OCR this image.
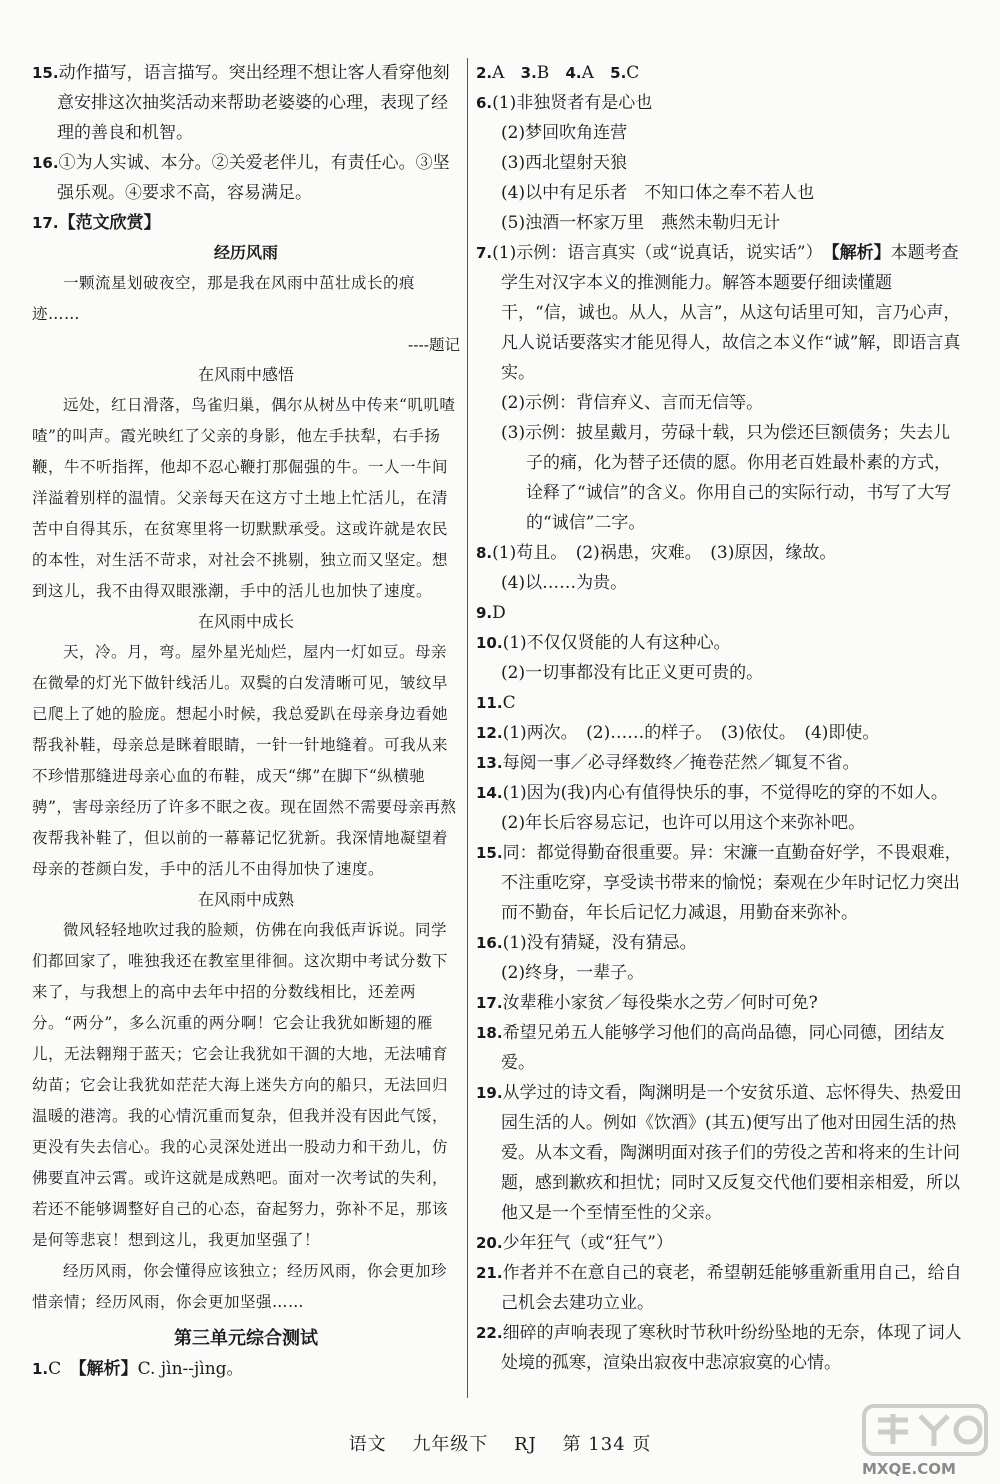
15.动作描写，语言描写。突出经理不想让客人看穿他刻意安排这次抽奖活动来帮助老婆婆的心理，表现了经理的善良和机智。

16.①为人实诚、本分。②关爱老伴儿，有责任心。③坚强乐观。④要求不高，容易满足。

17.【范文欣赏】

经历风雨

一颗流星划破夜空，那是我在风雨中茁壮成长的痕迹……

----题记

在风雨中感悟

远处，红日滑落，鸟雀归巢，偶尔从树丛中传来“叽叽喳喳”的叫声。霞光映红了父亲的身影，他左手扶犁，右手扬鞭，牛不听指挥，他却不忍心鞭打那倔强的牛。一人一牛间洋溢着别样的温情。父亲每天在这方寸土地上忙活儿，在清苦中自得其乐，在贫寒里将一切默默承受。这或许就是农民的本性，对生活不苛求，对社会不挑剔，独立而又坚定。想到这儿，我不由得双眼涨潮，手中的活儿也加快了速度。

在风雨中成长

天，冷。月，弯。屋外星光灿烂，屋内一灯如豆。母亲在微晕的灯光下做针线活儿。双鬓的白发清晰可见，皱纹早已爬上了她的脸庞。想起小时候，我总爱趴在母亲身边看她帮我补鞋，母亲总是眯着眼睛，一针一针地缝着。可我从来不珍惜那缝进母亲心血的布鞋，成天“绑”在脚下“纵横驰骋”，害母亲经历了许多不眠之夜。现在固然不需要母亲再熬夜帮我补鞋了，但以前的一幕幕记忆犹新。我深情地凝望着母亲的苍颜白发，手中的活儿不由得加快了速度。

在风雨中成熟

微风轻轻地吹过我的脸颊，仿佛在向我低声诉说。同学们都回家了，唯独我还在教室里徘徊。这次期中考试分数下来了，与我想上的高中去年中招的分数线相比，还差两分。“两分”，多么沉重的两分啊！它会让我犹如断翅的雁儿，无法翱翔于蓝天；它会让我犹如干涸的大地，无法哺育幼苗；它会让我犹如茫茫大海上迷失方向的船只，无法回归温暖的港湾。我的心情沉重而复杂，但我并没有因此气馁，更没有失去信心。我的心灵深处迸出一股动力和干劲儿，仿佛要直冲云霄。或许这就是成熟吧。面对一次考试的失利，若还不能够调整好自己的心态，奋起努力，弥补不足，那该是何等悲哀！想到这儿，我更加坚强了！

经历风雨，你会懂得应该独立；经历风雨，你会更加珍惜亲情；经历风雨，你会更加坚强……

第三单元综合测试

1.C　 【解析】C. jìn--jìng。

2.A 3.B 4.A 5.C

6.(1)非独贤者有是心也

(2)梦回吹角连营

(3)西北望射天狼

(4)以中有足乐者　不知口体之奉不若人也

(5)浊酒一杯家万里　燕然未勒归无计

7.(1)示例：语言真实（或“说真话，说实话”）　 【解析】本题考查学生对汉字本义的推测能力。解答本题要仔细读懂题干，“信，诚也。从人，从言”，从这句话里可知，言乃心声，凡人说话要落实才能见得人，故信之本义作“诚”解，即语言真实。

(2)示例：背信弃义、言而无信等。

(3)示例：披星戴月，劳碌十载，只为偿还巨额债务；失去儿子的痛，化为替子还债的愿。你用老百姓最朴素的方式，诠释了“诚信”的含义。你用自己的实际行动，书写了大写的“诚信”二字。

8.(1)苟且。　(2)祸患，灾难。　(3)原因，缘故。

(4)以……为贵。

9.D

10.(1)不仅仅贤能的人有这种心。

(2)一切事都没有比正义更可贵的。

11.C

12.(1)两次。　(2)……的样子。　(3)依仗。　(4)即使。

13.每阅一事／必寻绎数终／掩卷茫然／辄复不省。

14.(1)因为(我)内心有值得快乐的事，不觉得吃的穿的不如人。

(2)年长后容易忘记，也许可以用这个来弥补吧。

15.同：都觉得勤奋很重要。异：宋濂一直勤奋好学，不畏艰难，不注重吃穿，享受读书带来的愉悦；秦观在少年时记忆力突出而不勤奋，年长后记忆力减退，用勤奋来弥补。

16.(1)没有猜疑，没有猜忌。

(2)终身，一辈子。

17.汝辈稚小家贫／每役柴水之劳／何时可免?

18.希望兄弟五人能够学习他们的高尚品德，同心同德，团结友爱。

19.从学过的诗文看，陶渊明是一个安贫乐道、忘怀得失、热爱田园生活的人。例如《饮酒》(其五)便写出了他对田园生活的热爱。从本文看，陶渊明面对孩子们的劳役之苦和将来的生计问题，感到歉疚和担忧；同时又反复交代他们要相亲相爱，所以他又是一个至情至性的父亲。

20.少年狂气（或“狂气”）

21.作者并不在意自己的衰老，希望朝廷能够重新重用自己，给自己机会去建功立业。

22.细碎的声响表现了寒秋时节秋叶纷纷坠地的无奈，体现了词人处境的孤寒，渲染出寂夜中悲凉寂寞的心情。

语文　 九年级下　 RJ　 第 134 页
MXQE.COM
